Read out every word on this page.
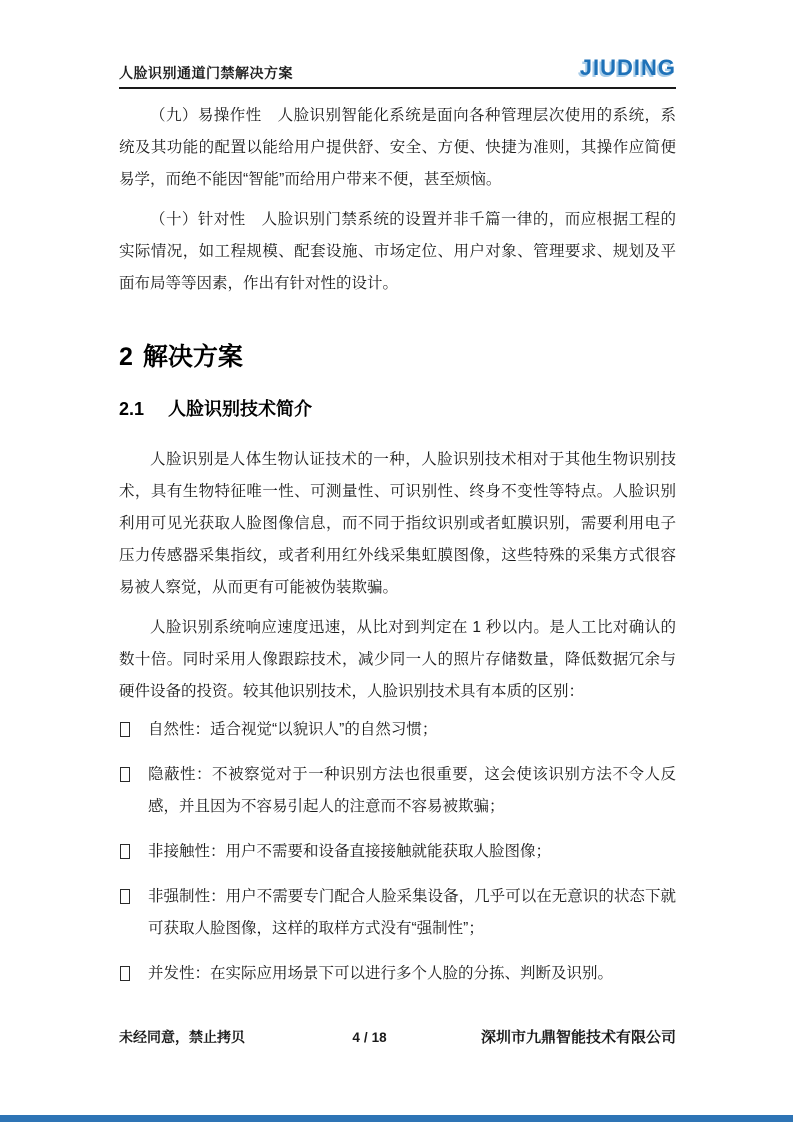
人脸识别通道门禁解决方案	JIUDING

（九）易操作性　人脸识别智能化系统是面向各种管理层次使用的系统，系统及其功能的配置以能给用户提供舒、安全、方便、快捷为准则，其操作应简便易学，而绝不能因“智能”而给用户带来不便，甚至烦恼。

（十）针对性　人脸识别门禁系统的设置并非千篇一律的，而应根据工程的实际情况，如工程规模、配套设施、市场定位、用户对象、管理要求、规划及平面布局等等因素，作出有针对性的设计。

2 解决方案
2.1 人脸识别技术简介

人脸识别是人体生物认证技术的一种，人脸识别技术相对于其他生物识别技术，具有生物特征唯一性、可测量性、可识别性、终身不变性等特点。人脸识别利用可见光获取人脸图像信息，而不同于指纹识别或者虹膜识别，需要利用电子压力传感器采集指纹，或者利用红外线采集虹膜图像，这些特殊的采集方式很容易被人察觉，从而更有可能被伪装欺骗。

人脸识别系统响应速度迅速，从比对到判定在 1 秒以内。是人工比对确认的数十倍。同时采用人像跟踪技术，减少同一人的照片存储数量，降低数据冗余与硬件设备的投资。较其他识别技术，人脸识别技术具有本质的区别：

自然性：适合视觉“以貌识人”的自然习惯；
隐蔽性：不被察觉对于一种识别方法也很重要，这会使该识别方法不令人反感，并且因为不容易引起人的注意而不容易被欺骗；
非接触性：用户不需要和设备直接接触就能获取人脸图像；
非强制性：用户不需要专门配合人脸采集设备，几乎可以在无意识的状态下就可获取人脸图像，这样的取样方式没有“强制性”；
并发性：在实际应用场景下可以进行多个人脸的分拣、判断及识别。
未经同意，禁止拷贝	4 / 18	深圳市九鼎智能技术有限公司
